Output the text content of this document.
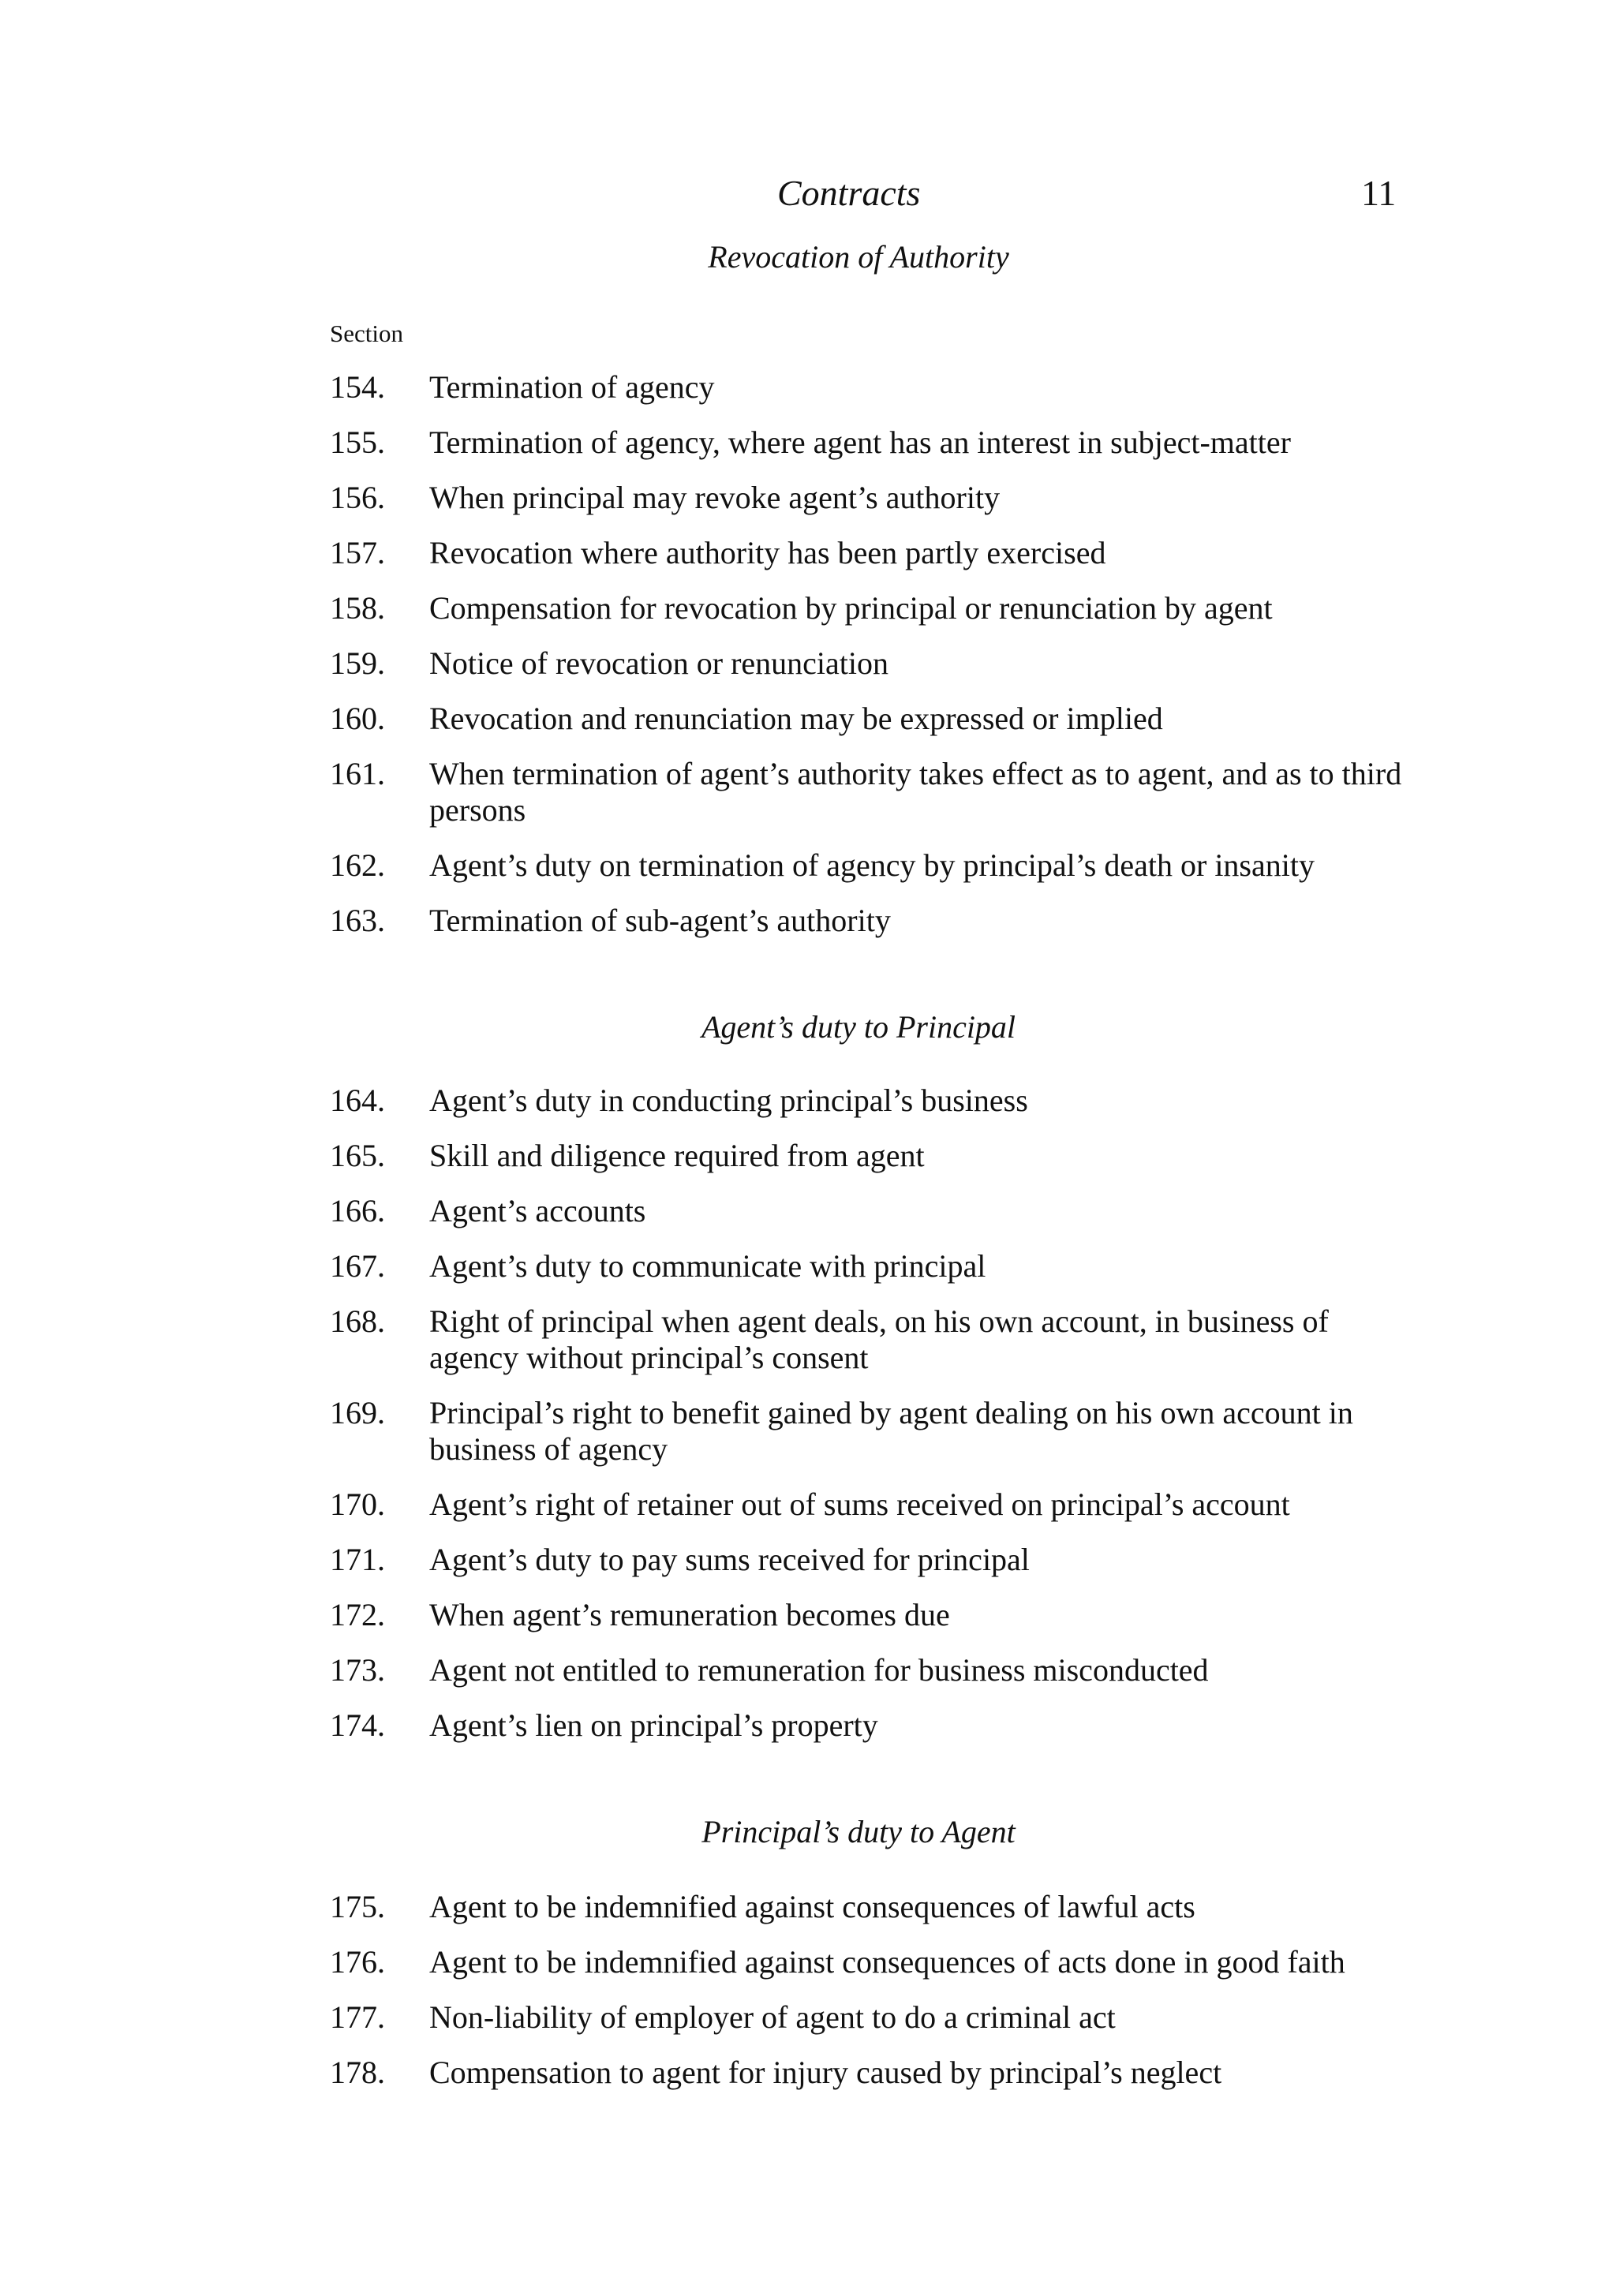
Contracts	11
Revocation of Authority
Section
154.	Termination of agency
155.	Termination of agency, where agent has an interest in subject-matter
156.	When principal may revoke agent’s authority
157.	Revocation where authority has been partly exercised
158.	Compensation for revocation by principal or renunciation by agent
159.	Notice of revocation or renunciation
160.	Revocation and renunciation may be expressed or implied
161.	When termination of agent’s authority takes effect as to agent, and as to third persons
162.	Agent’s duty on termination of agency by principal’s death or insanity
163.	Termination of sub-agent’s authority
Agent’s duty to Principal
164.	Agent’s duty in conducting principal’s business
165.	Skill and diligence required from agent
166.	Agent’s accounts
167.	Agent’s duty to communicate with principal
168.	Right of principal when agent deals, on his own account, in business of agency without principal’s consent
169.	Principal’s right to benefit gained by agent dealing on his own account in business of agency
170.	Agent’s right of retainer out of sums received on principal’s account
171.	Agent’s duty to pay sums received for principal
172.	When agent’s remuneration becomes due
173.	Agent not entitled to remuneration for business misconducted
174.	Agent’s lien on principal’s property
Principal’s duty to Agent
175.	Agent to be indemnified against consequences of lawful acts
176.	Agent to be indemnified against consequences of acts done in good faith
177.	Non-liability of employer of agent to do a criminal act
178.	Compensation to agent for injury caused by principal’s neglect
